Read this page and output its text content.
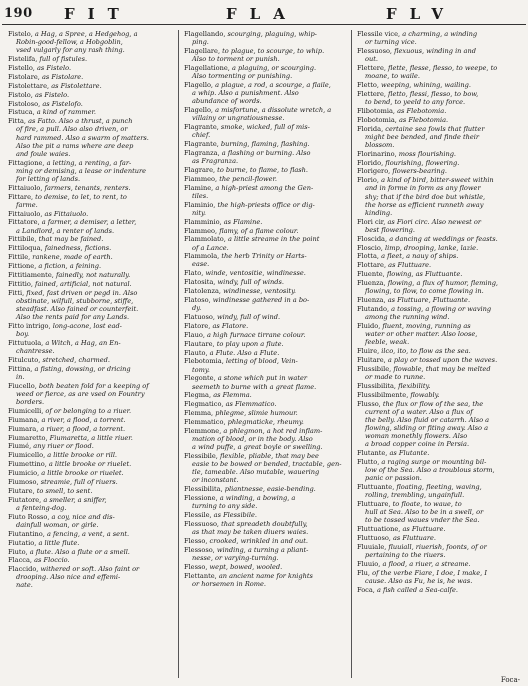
190 FIT	FLA	FLV
Fistelo, a Hag, a Spree, a Hedgehog, a
Robin-good-fellow, a Hobgoblin,
vsed vulgarly for any rash thing.
Fistelifa, full of fistules.
Fistello, as Fistelo.
Fistolare, as Fistolare.
Fistolettare, as Fistolettare.
Fistolo, as Fistelo.
Fistoloso, as Fistelofo.
Fistuca, a kind of rammer.
Fitta, as Fatto. Also a thrust, a punch
of fire, a pull. Also also driven, or
hard rammed. Also a swarm of matters.
Also the pit a rams where are deep
and foule waies.
Fittagione, a letting, a renting, a far-
ming or demising, a lease or indenture
for letting of lands.
Fittaiuolo, farmers, tenants, renters.
Fittare, to demise, to let, to rent, to
farme.
Fittaiuolo, as Fittaiuolo.
Fittatore, a farmer, a demiser, a letter,
a Landlord, a renter of lands.
Fittibile, that may be fained.
Fittiloqua, fainedness, fictions.
Fittile, rankene, made of earth.
Fittione, a fiction, a feining.
Fittitiamente, fainedly, not naturally.
Fittitio, fained, artificial, not natural.
Fitti, fixed, fast driven or pegd in. Also
obstinate, wilfull, stubborne, stiffe,
steadfast. Also fained or counterfeit.
Also the rents paid for any Lands.
Fitto intrigo, long-acone, lost ead-
boy.
Fittutuola, a Witch, a Hag, an En-
chantresse.
Fitulcuto, stretched, charmed.
Fittina, a fisting, dowsing, or dricing
in.
Fiucello, both beaten fold for a keeping of
weed or fierce, as are vsed on Fountry
borders.
Fiumicelli, of or belonging to a riuer.
Fiumana, a river, a flood, a torrent.
Fiumara, a riuer, a flood, a torrent.
Fiumaretto, Fiumaretta, a little riuer.
Fiumé, any riuer or flood.
Fiumicello, a little brooke or rill.
Fiumettino, a little brooke or riuelet.
Fiumicio, a little brooke or riuelet.
Fiumoso, streamie, full of riuers.
Fiutare, to smell, to sent.
Fiutatore, a smeller, a sniffer,
a fenteing-dog.
Fiuto Rosso, a coy, nice and dis-
dainfull woman, or girle.
Fiutantino, a fencing, a vent, a sent.
Fiutatio, a little flute.
Fiuto, a flute. Also a flute or a smell.
Flacca, as Floccio.
Flaccido, withered or soft. Also faint or
drooping. Also nice and effemi-
nate.
Flagellando, scourging, plaguing, whip-
ping.
Flagellare, to plague, to scourge, to whip.
Also to torment or punish.
Flagellatione, a plaguing, or scourging.
Also tormenting or punishing.
Flagello, a plague, a rod, a scourge, a flaile,
a whip. Also a punishment. Also
abundance of words.
Flagello, a misfortune, a dissolute wretch, a
villainy or ungratiousnesse.
Flagrante, smoke, wicked, full of mis-
chief.
Flagrante, burning, flaming, flashing.
Flagranza, a flashing or burning. Also
as Fragranza.
Flagrare, to burne, to flame, to flash.
Fiammeo, the pencil-flower.
Flamine, a high-priest among the Gen-
tiles.
Flaminio, the high-priests office or dig-
nity.
Flamminio, as Flamine.
Flammeo, flamy, of a flame colour.
Flammolato, a little streame in the point
of a Lance.
Flammola, the herb Trinity or Harts-
ease.
Flato, winde, ventositie, windinesse.
Flatosita, windy, full of winds.
Flatolenza, windinesse, ventosity.
Flatoso, windinesse gathered in a bo-
dy.
Flatuoso, windy, full of wind.
Flatore, as Flatore.
Flauo, a high furnace tirrane colour.
Flautare, to play upon a flute.
Flauto, a Flute. Also a Flute.
Flebotomia, letting of blood, Vein-
tomy.
Flegonte, a stone which put in water
seemeth to burne with a great flame.
Flegma, as Flemma.
Flegmatico, as Flemmatico.
Flemma, phlegme, slimie humour.
Flemmatico, phlegmaticke, rheumy.
Flemmone, a phlegmon, a hot red inflam-
mation of blood, or in the body. Also
a wind puffe, a great boyle or swelling.
Flessibile, flexible, pliable, that may bee
easie to be bowed or bended, tractable, gen-
tle, tameable. Also mutable, wauering
or inconstant.
Flessibilita, pliantnesse, easie-bending.
Flessione, a winding, a bowing, a
turning to any side.
Flessile, as Flessibile.
Flessuoso, that spreadeth doubtfully,
as that may be taken diuers waies.
Flesso, crooked, wrinkled in and out.
Flessoso, winding, a turning a pliant-
nesse, or varying-turning.
Flesso, wept, bowed, wooled.
Flettante, an ancient name for knights
or horsemen in Rome.
Flessile vice, a charming, a winding
or turning vice.
Flessuoso, flexuous, winding in and
out.
Flettere, flette, flesse, flesso, to weepe, to
moane, to waile.
Fletto, weeping, whining, wailing.
Flettere, fletto, flessi, flesso, to bow,
to bend, to yeeld to any force.
Flibotomia, as Flebotomia.
Flobotomia, as Flebotomia.
Florida, certaine sea fowls that flutter
might bee bended, and finde their
blossom.
Florinarino, moss flourishing.
Florido, flourishing, flowering.
Florigero, flowers-bearing.
Florio, a kind of bird, bitter-sweet within
and in forme in form as any flower
shy; that if the bird doe but whistle,
the horse as efficient runneth away
kinding.
Flori cir, as Fiori circ. Also newest or
best flowering.
Floscida, a dancing at weddings or feasts.
Floscio, limp, drooping, lanke, lazie.
Flotta, a fleet, a nauy of ships.
Flottare, as Fluttuare.
Fluente, flowing, as Fluttuante.
Fluenza, flowing, a flux of humor, fleming,
flowing, to flow, to come flowing in.
Fluenza, as Fluttuare, Fluttuante.
Flutando, a tossing, a flowing or waving
among the running wind.
Fluido, fluent, moving, running as
water or other matter. Also loose,
feeble, weak.
Fluire, ilco, ito, to flow as the sea.
Fluitare, a play or tossed upon the waves.
Flussibile, flowable, that may be melted
or made to runne.
Flussibilita, flexibility.
Flussibilmente, flowably.
Flusso, the flux or flow of the sea, the
current of a water. Also a flux of
the belly. Also fluid or catarrh. Also a
flowing, sliding or fiting away. Also a
woman monethly flowers. Also
a broad copper coine in Persia.
Flutante, as Flutante.
Flutto, a raging surge or mounting bil-
low of the Sea. Also a troublous storm,
panic or passion.
Fluttuante, floating, fleeting, waving,
rolling, trembling, ungainfull.
Fluttuare, to floate, to waue, to
hull at Sea. Also to be in a swell, or
to be tossed waues vnder the Sea.
Fluttuatione, as Fluttuare.
Fluttuoso, as Fluttuare.
Fluuiale, fluuiall, riuerish, foonts, of or
pertaining to the riuers.
Fluuio, a flood, a riuer, a streame.
Flu, of the verbe Fiare, I doe, I make, I
cause. Also as Fu, he is, he was.
Foca, a fish called a Sea-calfe.
Foca-
